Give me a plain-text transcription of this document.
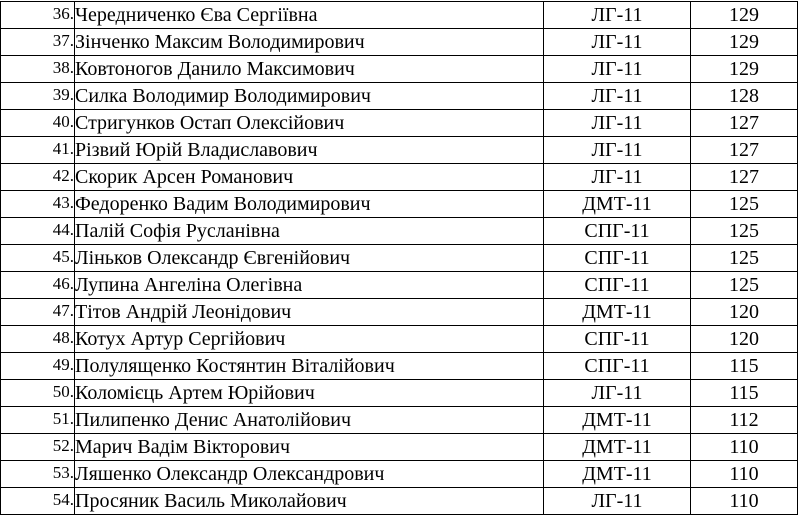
36.	Чередниченко Єва Сергіївна	ЛГ-11	129
37.	Зінченко Максим Володимирович	ЛГ-11	129
38.	Ковтоногов Данило Максимович	ЛГ-11	129
39.	Силка Володимир Володимирович	ЛГ-11	128
40.	Стригунков Остап Олексійович	ЛГ-11	127
41.	Різвий Юрій Владиславович	ЛГ-11	127
42.	Скорик Арсен Романович	ЛГ-11	127
43.	Федоренко Вадим Володимирович	ДМТ-11	125
44.	Палій Софія Русланівна	СПГ-11	125
45.	Ліньков Олександр Євгенійович	СПГ-11	125
46.	Лупина Ангеліна Олегівна	СПГ-11	125
47.	Тітов Андрій Леонідович	ДМТ-11	120
48.	Котух Артур Сергійович	СПГ-11	120
49.	Полулященко Костянтин Віталійович	СПГ-11	115
50.	Коломієць Артем Юрійович	ЛГ-11	115
51.	Пилипенко Денис Анатолійович	ДМТ-11	112
52.	Марич Вадім Вікторович	ДМТ-11	110
53.	Ляшенко Олександр Олександрович	ДМТ-11	110
54.	Просяник Василь Миколайович	ЛГ-11	110
